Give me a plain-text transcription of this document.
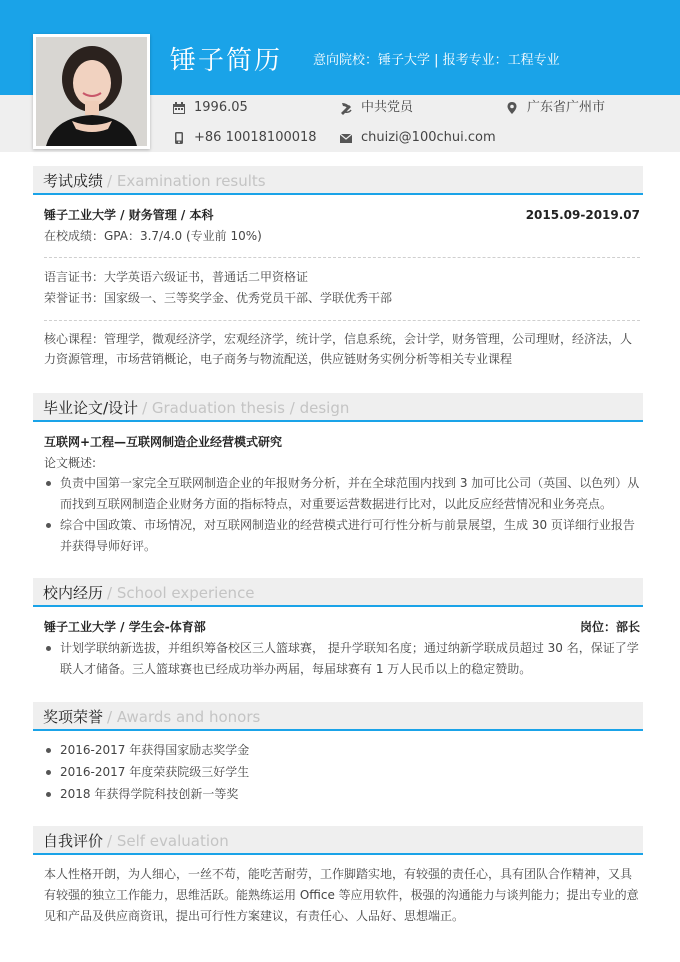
锤子简历 意向院校：锤子大学 | 报考专业：工程专业
1996.05	中共党员	广东省广州市
+86 10018100018	chuizi@100chui.com
考试成绩 / Examination results
锤子工业大学 / 财务管理 / 本科	2015.09-2019.07
在校成绩：GPA：3.7/4.0 (专业前 10%)
语言证书：大学英语六级证书，普通话二甲资格证
荣誉证书：国家级一、三等奖学金、优秀党员干部、学联优秀干部
核心课程：管理学，微观经济学，宏观经济学，统计学，信息系统，会计学，财务管理，公司理财，经济法，人
力资源管理，市场营销概论，电子商务与物流配送，供应链财务实例分析等相关专业课程
毕业论文/设计 / Graduation thesis / design
互联网+工程—互联网制造企业经营模式研究
论文概述:
负责中国第一家完全互联网制造企业的年报财务分析，并在全球范围内找到 3 加可比公司（英国、以色列）从
而找到互联网制造企业财务方面的指标特点，对重要运营数据进行比对，以此反应经营情况和业务亮点。
综合中国政策、市场情况，对互联网制造业的经营模式进行可行性分析与前景展望，生成 30 页详细行业报告
并获得导师好评。
校内经历 / School experience
锤子工业大学 / 学生会-体育部	岗位：部长
计划学联纳新选拔，并组织筹备校区三人篮球赛， 提升学联知名度；通过纳新学联成员超过 30 名，保证了学
联人才储备。三人篮球赛也已经成功举办两届，每届球赛有 1 万人民币以上的稳定赞助。
奖项荣誉 / Awards and honors
2016-2017 年获得国家励志奖学金
2016-2017 年度荣获院级三好学生
2018 年获得学院科技创新一等奖
自我评价 / Self evaluation
本人性格开朗，为人细心，一丝不苟，能吃苦耐劳，工作脚踏实地，有较强的责任心，具有团队合作精神，又具
有较强的独立工作能力，思维活跃。能熟练运用 Office 等应用软件，极强的沟通能力与谈判能力；提出专业的意
见和产品及供应商资讯，提出可行性方案建议，有责任心、人品好、思想端正。
